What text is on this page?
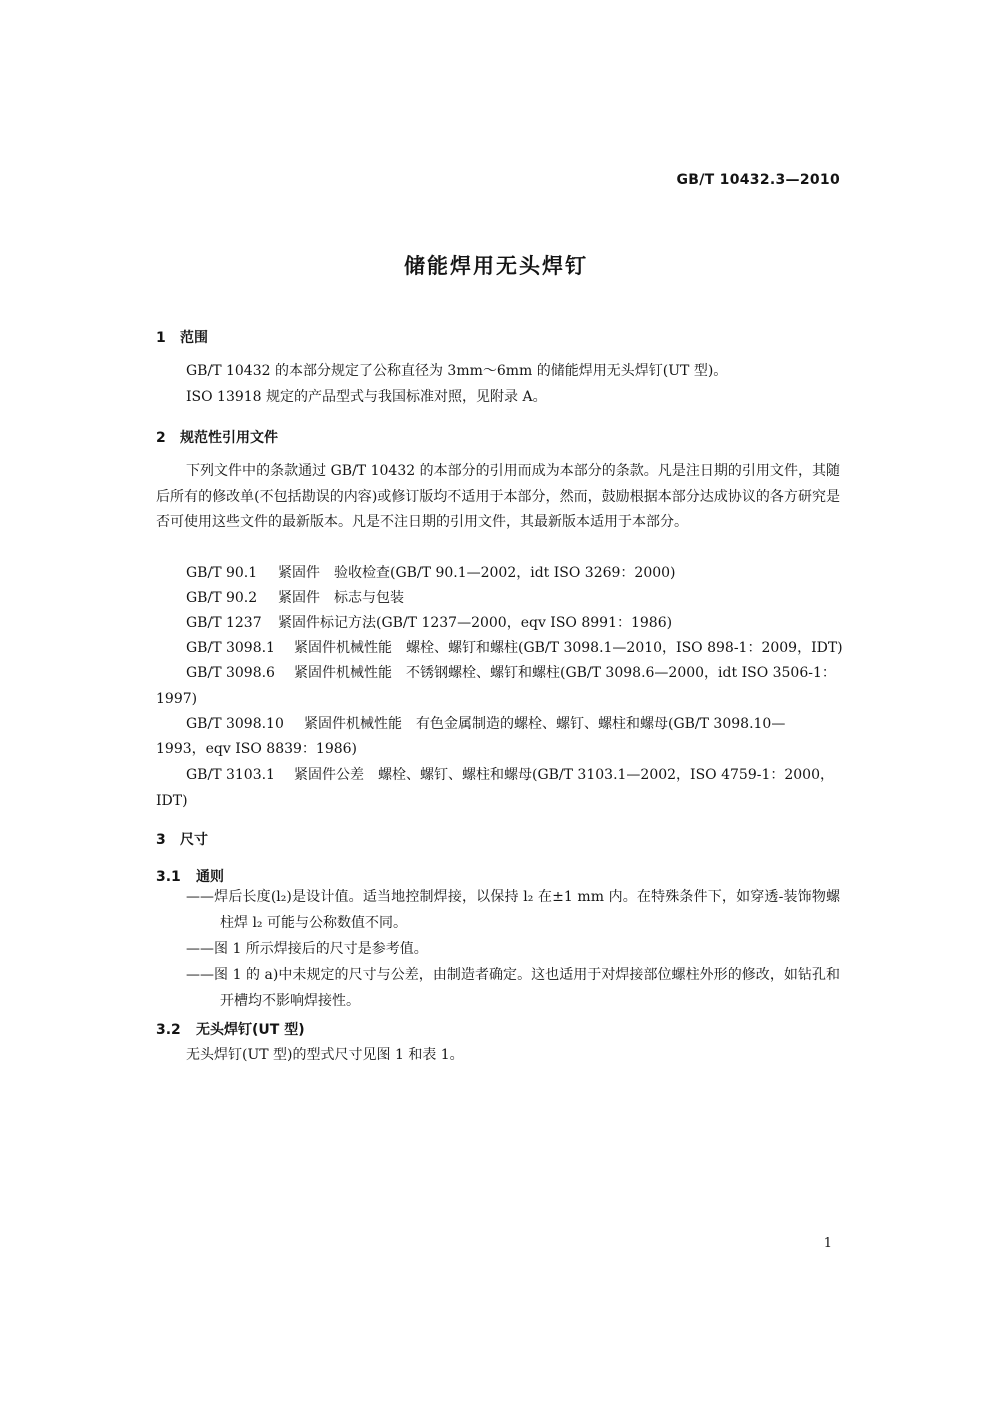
GB/T 10432.3—2010
储能焊用无头焊钉
1 范围
GB/T 10432 的本部分规定了公称直径为 3mm～6mm 的储能焊用无头焊钉(UT 型)。
ISO 13918 规定的产品型式与我国标准对照，见附录 A。
2 规范性引用文件
下列文件中的条款通过 GB/T 10432 的本部分的引用而成为本部分的条款。凡是注日期的引用文件，其随后所有的修改单(不包括勘误的内容)或修订版均不适用于本部分，然而，鼓励根据本部分达成协议的各方研究是否可使用这些文件的最新版本。凡是不注日期的引用文件，其最新版本适用于本部分。
GB/T 90.1 紧固件　验收检查(GB/T 90.1—2002，idt ISO 3269：2000)
GB/T 90.2 紧固件　标志与包装
GB/T 1237 紧固件标记方法(GB/T 1237—2000，eqv ISO 8991：1986)
GB/T 3098.1 紧固件机械性能　螺栓、螺钉和螺柱(GB/T 3098.1—2010，ISO 898-1：2009，IDT)
GB/T 3098.6 紧固件机械性能　不锈钢螺栓、螺钉和螺柱(GB/T 3098.6—2000，idt ISO 3506-1：
1997)
GB/T 3098.10 紧固件机械性能　有色金属制造的螺栓、螺钉、螺柱和螺母(GB/T 3098.10—
1993，eqv ISO 8839：1986)
GB/T 3103.1 紧固件公差　螺栓、螺钉、螺柱和螺母(GB/T 3103.1—2002，ISO 4759-1：2000，
IDT)
3 尺寸
3.1 通则
——焊后长度(l₂)是设计值。适当地控制焊接，以保持 l₂ 在±1 mm 内。在特殊条件下，如穿透-装饰物螺柱焊 l₂ 可能与公称数值不同。
——图 1 所示焊接后的尺寸是参考值。
——图 1 的 a)中未规定的尺寸与公差，由制造者确定。这也适用于对焊接部位螺柱外形的修改，如钻孔和开槽均不影响焊接性。
3.2 无头焊钉(UT 型)
无头焊钉(UT 型)的型式尺寸见图 1 和表 1。
1
